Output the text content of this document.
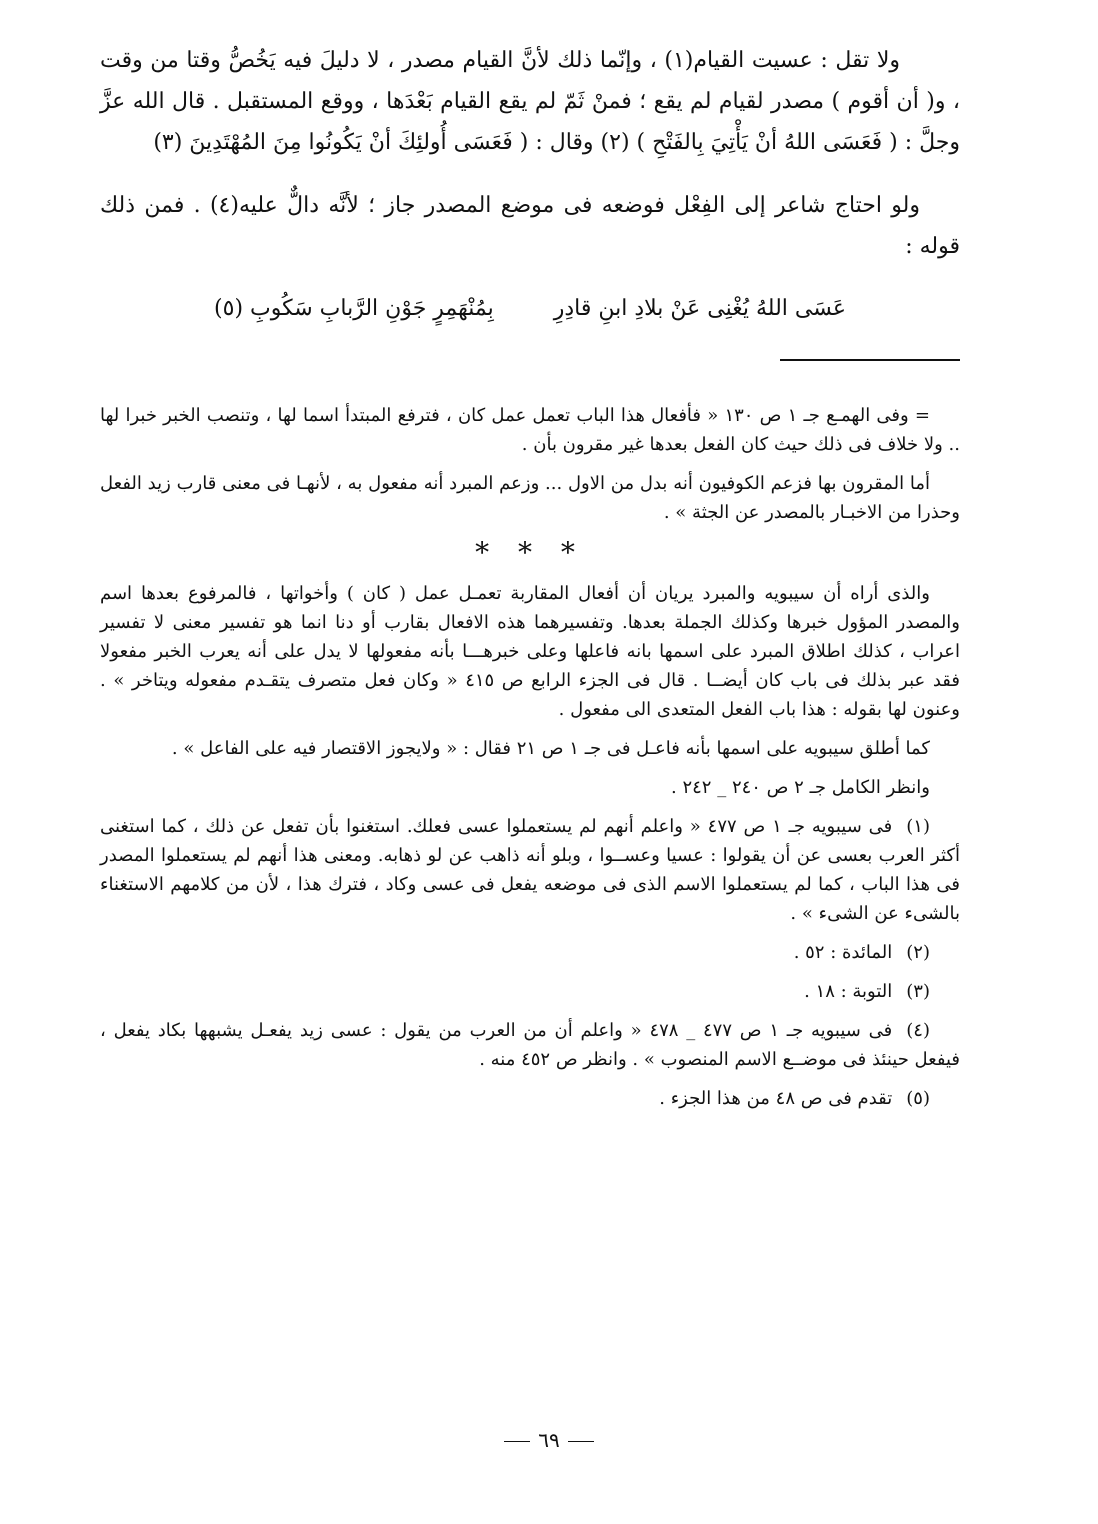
ولا تقل : عسيت القيام(١) ، وإنّما ذلك لأنَّ القيام مصدر ، لا دليلَ فيه يَخُصُّ وقتا من وقت ، و( أن أقوم ) مصدر لقيام لم يقع ؛ فمنْ ثَمّ لم يقع القيام بَعْدَها ، ووقع المستقبل . قال الله عزَّ وجلَّ : ( فَعَسَى اللهُ أنْ يَأْتِيَ بِالفَتْحِ ) (٢) وقال : ( فَعَسَى أُولئِكَ أنْ يَكُونُوا مِنَ المُهْتَدِينَ (٣)

ولو احتاج شاعر إلى الفِعْل فوضعه فى موضع المصدر جاز ؛ لأنَّه دالٌّ عليه(٤) . فمن ذلك قوله :

عَسَى اللهُ يُغْنِى عَنْ بلادِ ابنِ قادِرِ
بِمُنْهَمِرٍ جَوْنِ الرَّبابِ سَكُوبِ (٥)

= وفى الهمـع جـ ١ ص ١٣٠ « فأفعال هذا الباب تعمل عمل كان ، فترفع المبتدأ اسما لها ، وتنصب الخبر خبرا لها .. ولا خلاف فى ذلك حيث كان الفعل بعدها غير مقرون بأن .

أما المقرون بها فزعم الكوفيون أنه بدل من الاول ... وزعم المبرد أنه مفعول به ، لأنهـا فى معنى قارب زيد الفعل وحذرا من الاخبـار بالمصدر عن الجثة » .

* * *

والذى أراه أن سيبويه والمبرد يريان أن أفعال المقاربة تعمـل عمل ( كان ) وأخواتها ، فالمرفوع بعدها اسم والمصدر المؤول خبرها وكذلك الجملة بعدها. وتفسيرهما هذه الافعال بقارب أو دنا انما هو تفسير معنى لا تفسير اعراب ، كذلك اطلاق المبرد على اسمها بانه فاعلها وعلى خبرهـــا بأنه مفعولها لا يدل على أنه يعرب الخبر مفعولا فقد عبر بذلك فى باب كان أيضــا . قال فى الجزء الرابع ص ٤١٥ « وكان فعل متصرف يتقـدم مفعوله ويتاخر » . وعنون لها بقوله : هذا باب الفعل المتعدى الى مفعول .

كما أطلق سيبويه على اسمها بأنه فاعـل فى جـ ١ ص ٢١ فقال : « ولايجوز الاقتصار فيه على الفاعل » .

وانظر الكامل جـ ٢ ص ٢٤٠ _ ٢٤٢ .

(١)فى سيبويه جـ ١ ص ٤٧٧ « واعلم أنهم لم يستعملوا عسى فعلك. استغنوا بأن تفعل عن ذلك ، كما استغنى أكثر العرب بعسى عن أن يقولوا : عسيا وعســوا ، وبلو أنه ذاهب عن لو ذهابه. ومعنى هذا أنهم لم يستعملوا المصدر فى هذا الباب ، كما لم يستعملوا الاسم الذى فى موضعه يفعل فى عسى وكاد ، فترك هذا ، لأن من كلامهم الاستغناء بالشىء عن الشىء » .

(٢)المائدة : ٥٢ .

(٣)التوبة : ١٨ .

(٤)فى سيبويه جـ ١ ص ٤٧٧ _ ٤٧٨ « واعلم أن من العرب من يقول : عسى زيد يفعـل يشبهها بكاد يفعل ، فيفعل حينئذ فى موضــع الاسم المنصوب » . وانظر ص ٤٥٢ منه .

(٥)تقدم فى ص ٤٨ من هذا الجزء .

٦٩
